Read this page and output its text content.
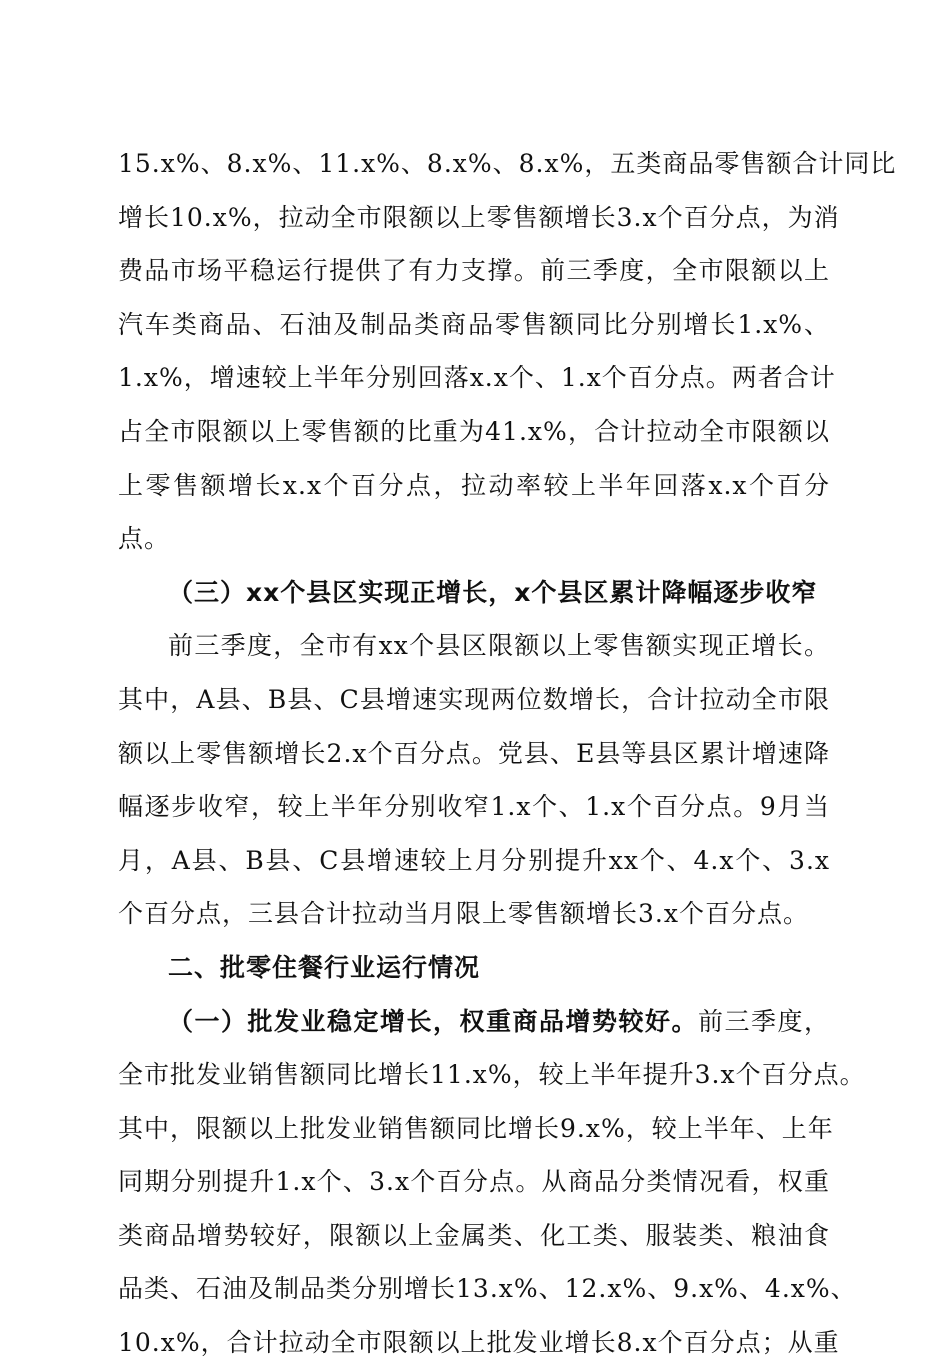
15.x%、8.x%、11.x%、8.x%、8.x%，五类商品零售额合计同比
增长10.x%，拉动全市限额以上零售额增长3.x个百分点，为消
费品市场平稳运行提供了有力支撑。前三季度，全市限额以上
汽车类商品、石油及制品类商品零售额同比分别增长1.x%、
1.x%，增速较上半年分别回落x.x个、1.x个百分点。两者合计
占全市限额以上零售额的比重为41.x%，合计拉动全市限额以
上零售额增长x.x个百分点，拉动率较上半年回落x.x个百分
点。
（三）xx个县区实现正增长，x个县区累计降幅逐步收窄
前三季度，全市有xx个县区限额以上零售额实现正增长。
其中，A县、B县、C县增速实现两位数增长，合计拉动全市限
额以上零售额增长2.x个百分点。党县、E县等县区累计增速降
幅逐步收窄，较上半年分别收窄1.x个、1.x个百分点。9月当
月，A县、B县、C县增速较上月分别提升xx个、4.x个、3.x
个百分点，三县合计拉动当月限上零售额增长3.x个百分点。
二、批零住餐行业运行情况
（一）批发业稳定增长，权重商品增势较好。前三季度，
全市批发业销售额同比增长11.x%，较上半年提升3.x个百分点。
其中，限额以上批发业销售额同比增长9.x%，较上半年、上年
同期分别提升1.x个、3.x个百分点。从商品分类情况看，权重
类商品增势较好，限额以上金属类、化工类、服装类、粮油食
品类、石油及制品类分别增长13.x%、12.x%、9.x%、4.x%、
10.x%，合计拉动全市限额以上批发业增长8.x个百分点；从重
